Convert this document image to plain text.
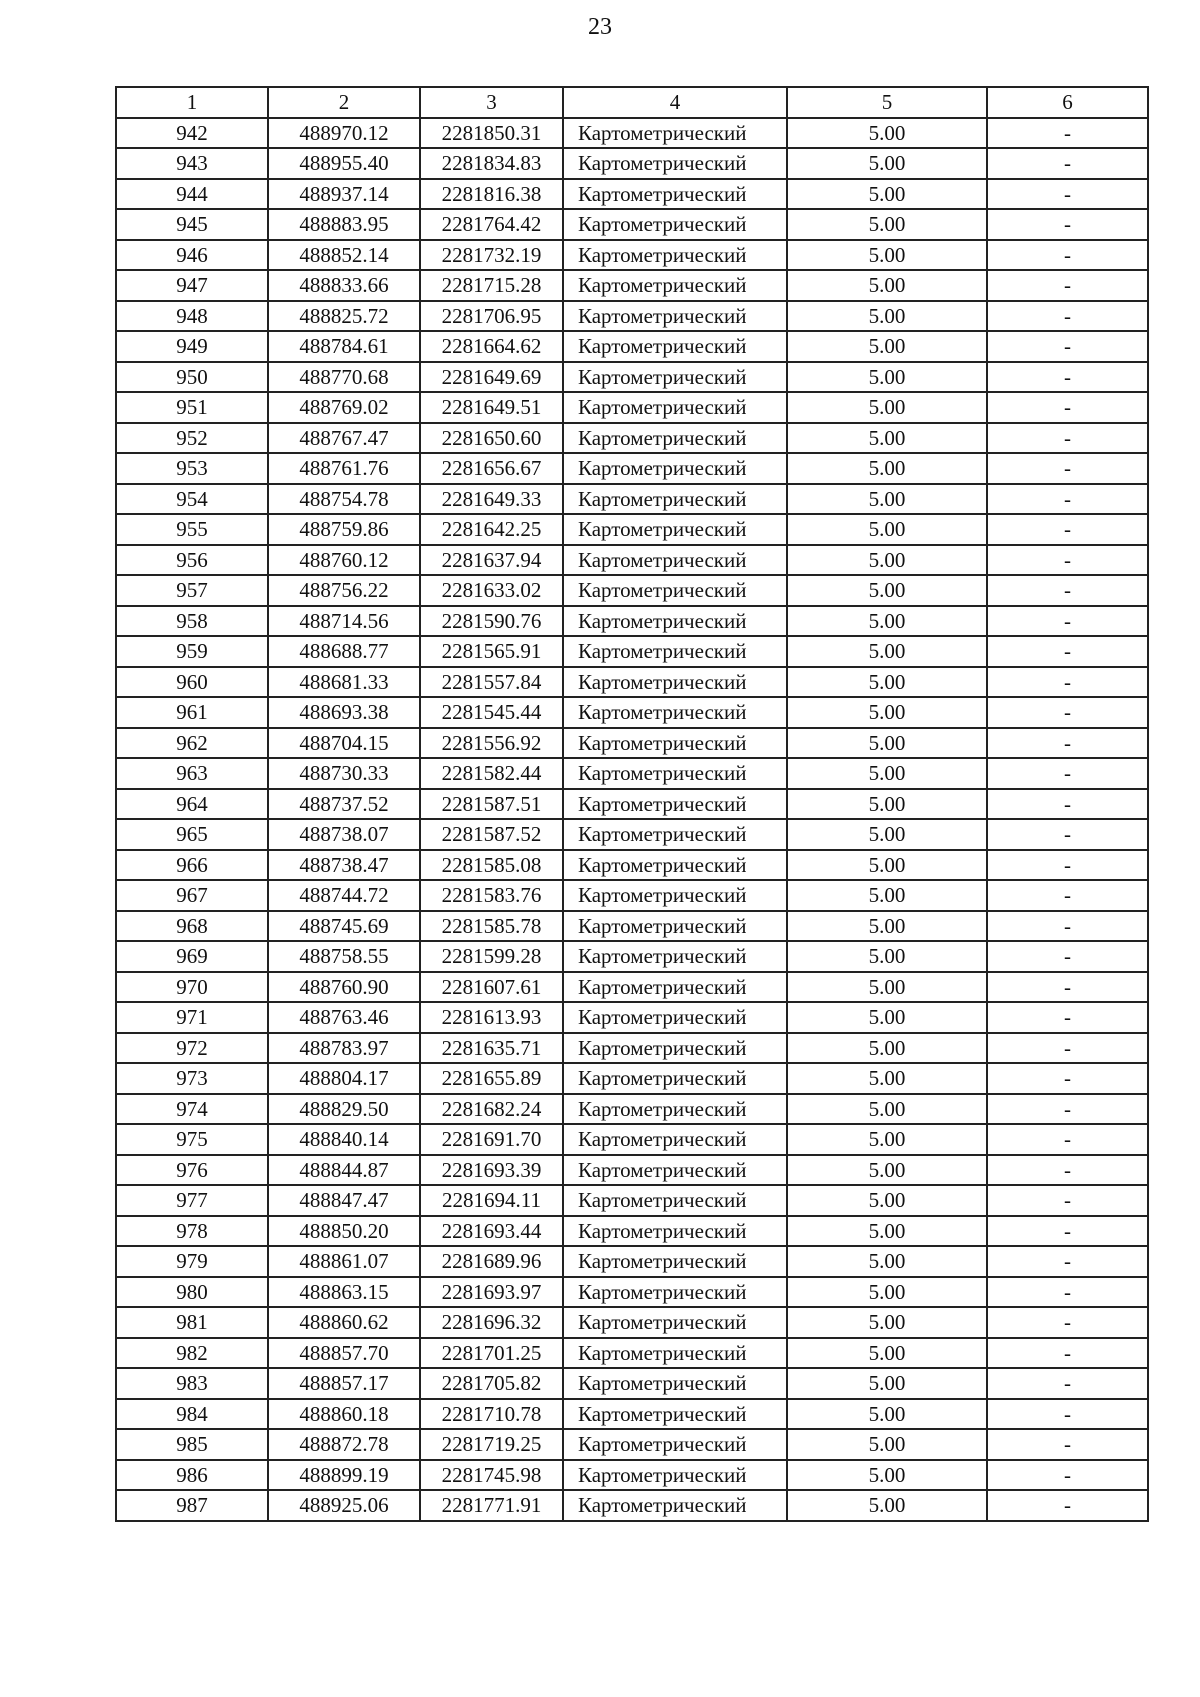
23
1	2	3	4	5	6
942	488970.12	2281850.31	Картометрический	5.00	-
943	488955.40	2281834.83	Картометрический	5.00	-
944	488937.14	2281816.38	Картометрический	5.00	-
945	488883.95	2281764.42	Картометрический	5.00	-
946	488852.14	2281732.19	Картометрический	5.00	-
947	488833.66	2281715.28	Картометрический	5.00	-
948	488825.72	2281706.95	Картометрический	5.00	-
949	488784.61	2281664.62	Картометрический	5.00	-
950	488770.68	2281649.69	Картометрический	5.00	-
951	488769.02	2281649.51	Картометрический	5.00	-
952	488767.47	2281650.60	Картометрический	5.00	-
953	488761.76	2281656.67	Картометрический	5.00	-
954	488754.78	2281649.33	Картометрический	5.00	-
955	488759.86	2281642.25	Картометрический	5.00	-
956	488760.12	2281637.94	Картометрический	5.00	-
957	488756.22	2281633.02	Картометрический	5.00	-
958	488714.56	2281590.76	Картометрический	5.00	-
959	488688.77	2281565.91	Картометрический	5.00	-
960	488681.33	2281557.84	Картометрический	5.00	-
961	488693.38	2281545.44	Картометрический	5.00	-
962	488704.15	2281556.92	Картометрический	5.00	-
963	488730.33	2281582.44	Картометрический	5.00	-
964	488737.52	2281587.51	Картометрический	5.00	-
965	488738.07	2281587.52	Картометрический	5.00	-
966	488738.47	2281585.08	Картометрический	5.00	-
967	488744.72	2281583.76	Картометрический	5.00	-
968	488745.69	2281585.78	Картометрический	5.00	-
969	488758.55	2281599.28	Картометрический	5.00	-
970	488760.90	2281607.61	Картометрический	5.00	-
971	488763.46	2281613.93	Картометрический	5.00	-
972	488783.97	2281635.71	Картометрический	5.00	-
973	488804.17	2281655.89	Картометрический	5.00	-
974	488829.50	2281682.24	Картометрический	5.00	-
975	488840.14	2281691.70	Картометрический	5.00	-
976	488844.87	2281693.39	Картометрический	5.00	-
977	488847.47	2281694.11	Картометрический	5.00	-
978	488850.20	2281693.44	Картометрический	5.00	-
979	488861.07	2281689.96	Картометрический	5.00	-
980	488863.15	2281693.97	Картометрический	5.00	-
981	488860.62	2281696.32	Картометрический	5.00	-
982	488857.70	2281701.25	Картометрический	5.00	-
983	488857.17	2281705.82	Картометрический	5.00	-
984	488860.18	2281710.78	Картометрический	5.00	-
985	488872.78	2281719.25	Картометрический	5.00	-
986	488899.19	2281745.98	Картометрический	5.00	-
987	488925.06	2281771.91	Картометрический	5.00	-
